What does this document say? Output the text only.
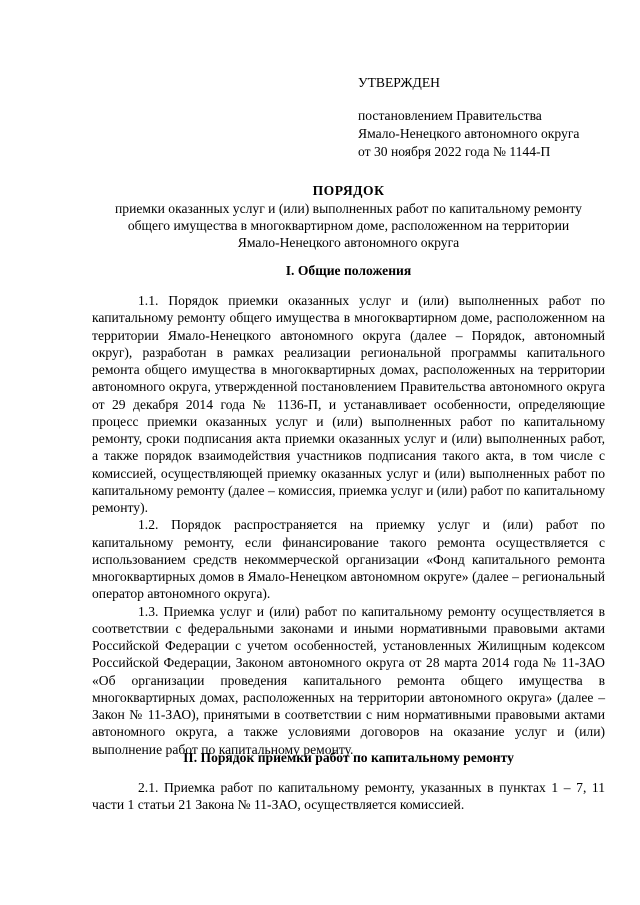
УТВЕРЖДЕН
постановлением Правительства
Ямало-Ненецкого автономного округа
от 30 ноября 2022 года № 1144-П
ПОРЯДОК
приемки оказанных услуг и (или) выполненных работ по капитальному ремонту общего имущества в многоквартирном доме, расположенном на территории Ямало-Ненецкого автономного округа
I. Общие положения

1.1. Порядок приемки оказанных услуг и (или) выполненных работ по капитальному ремонту общего имущества в многоквартирном доме, расположенном на территории Ямало-Ненецкого автономного округа (далее – Порядок, автономный округ), разработан в рамках реализации региональной программы капитального ремонта общего имущества в многоквартирных домах, расположенных на территории автономного округа, утвержденной постановлением Правительства автономного округа от 29 декабря 2014 года № 1136-П, и устанавливает особенности, определяющие процесс приемки оказанных услуг и (или) выполненных работ по капитальному ремонту, сроки подписания акта приемки оказанных услуг и (или) выполненных работ, а также порядок взаимодействия участников подписания такого акта, в том числе с комиссией, осуществляющей приемку оказанных услуг и (или) выполненных работ по капитальному ремонту (далее – комиссия, приемка услуг и (или) работ по капитальному ремонту).

1.2. Порядок распространяется на приемку услуг и (или) работ по капитальному ремонту, если финансирование такого ремонта осуществляется с использованием средств некоммерческой организации «Фонд капитального ремонта многоквартирных домов в Ямало-Ненецком автономном округе» (далее – региональный оператор автономного округа).

1.3. Приемка услуг и (или) работ по капитальному ремонту осуществляется в соответствии с федеральными законами и иными нормативными правовыми актами Российской Федерации с учетом особенностей, установленных Жилищным кодексом Российской Федерации, Законом автономного округа от 28 марта 2014 года № 11-ЗАО «Об организации проведения капитального ремонта общего имущества в многоквартирных домах, расположенных на территории автономного округа» (далее – Закон № 11-ЗАО), принятыми в соответствии с ним нормативными правовыми актами автономного округа, а также условиями договоров на оказание услуг и (или) выполнение работ по капитальному ремонту.

II. Порядок приемки работ по капитальному ремонту

2.1. Приемка работ по капитальному ремонту, указанных в пунктах 1 – 7, 11 части 1 статьи 21 Закона № 11-ЗАО, осуществляется комиссией.
